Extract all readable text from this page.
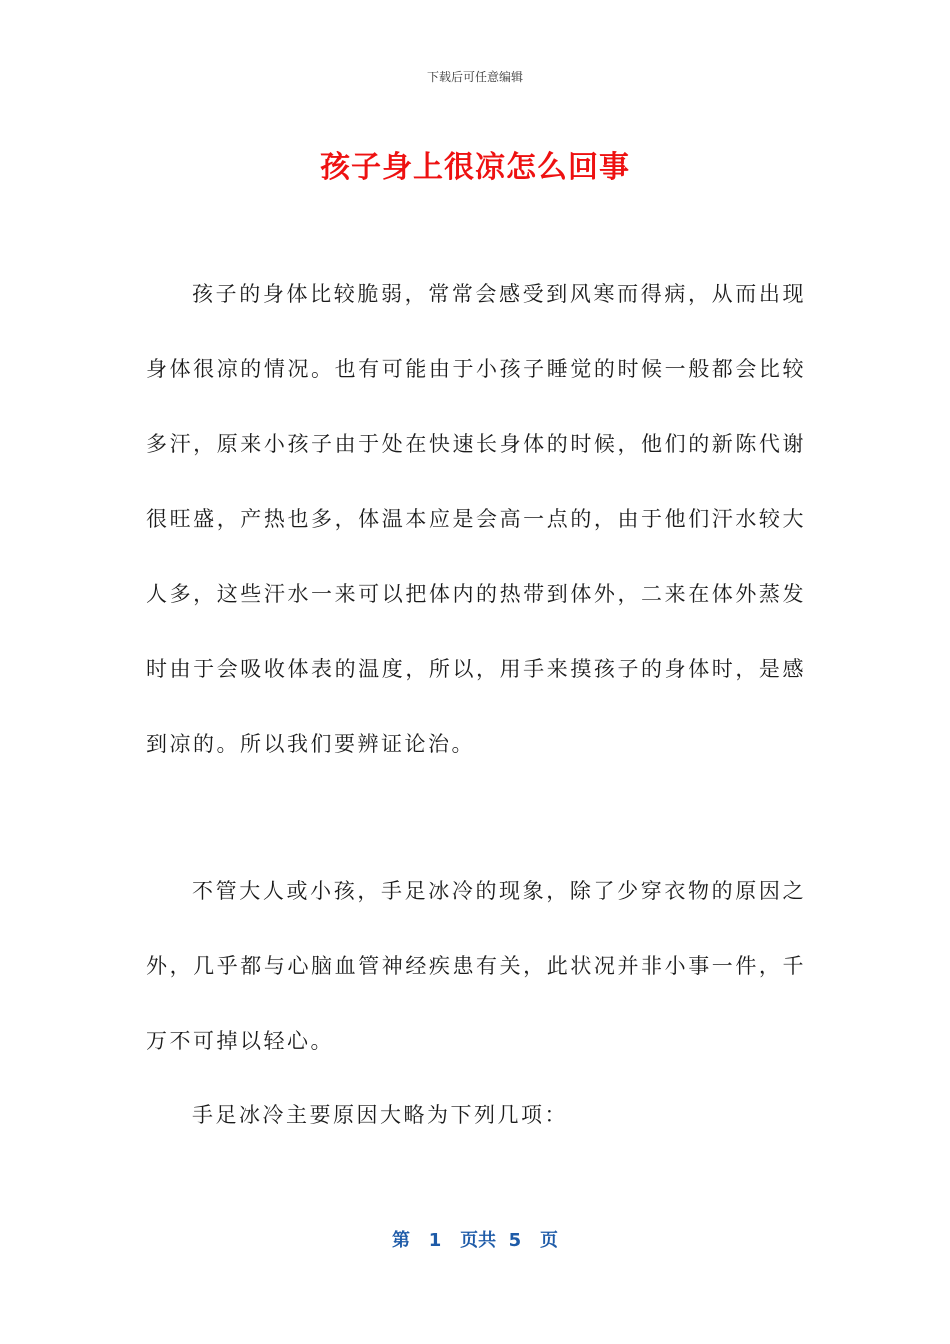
下载后可任意编辑
孩子身上很凉怎么回事

孩子的身体比较脆弱，常常会感受到风寒而得病，从而出现身体很凉的情况。也有可能由于小孩子睡觉的时候一般都会比较多汗，原来小孩子由于处在快速长身体的时候，他们的新陈代谢很旺盛，产热也多，体温本应是会高一点的，由于他们汗水较大人多，这些汗水一来可以把体内的热带到体外，二来在体外蒸发时由于会吸收体表的温度，所以，用手来摸孩子的身体时，是感到凉的。所以我们要辨证论治。

不管大人或小孩，手足冰冷的现象，除了少穿衣物的原因之外，几乎都与心脑血管神经疾患有关，此状况并非小事一件，千万不可掉以轻心。

手足冰冷主要原因大略为下列几项：

第 1 页共 5 页
